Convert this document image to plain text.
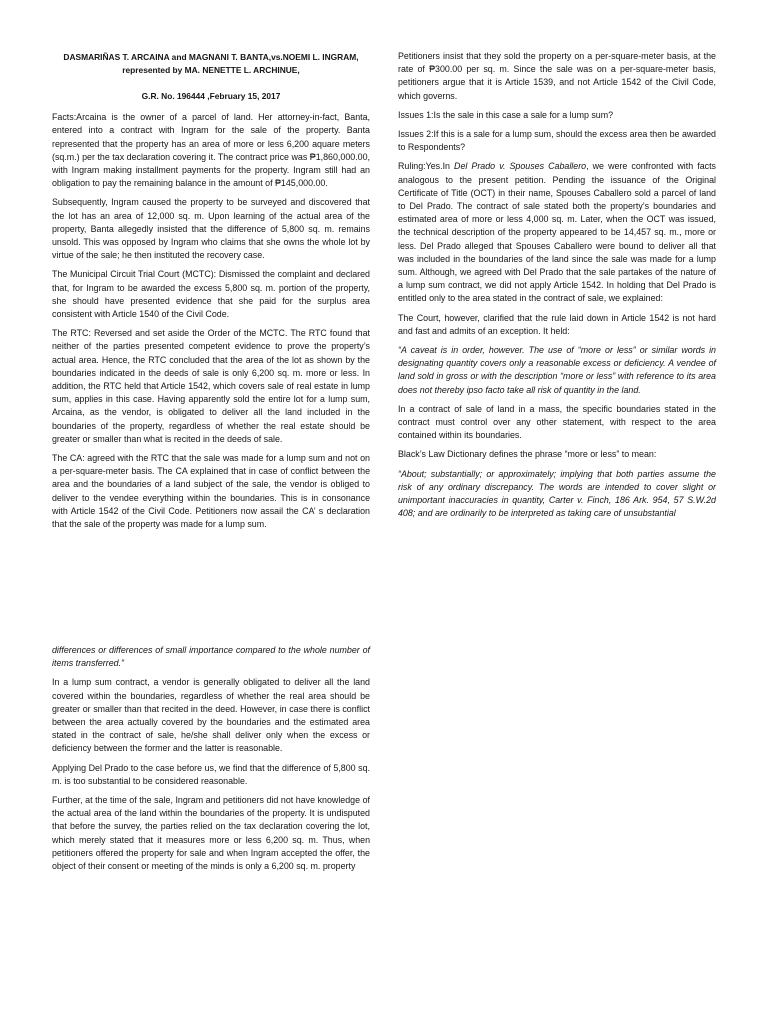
DASMARIÑAS T. ARCAINA and MAGNANI T. BANTA,vs.NOEMI L. INGRAM, represented by MA. NENETTE L. ARCHINUE,

G.R. No. 196444 ,February 15, 2017

Facts:Arcaina is the owner of a parcel of land. Her attorney-in-fact, Banta, entered into a contract with Ingram for the sale of the property. Banta represented that the property has an area of more or less 6,200 aquare meters (sq.m.) per the tax declaration covering it. The contract price was ₱1,860,000.00, with Ingram making installment payments for the property. Ingram still had an obligation to pay the remaining balance in the amount of ₱145,000.00.

Subsequently, Ingram caused the property to be surveyed and discovered that the lot has an area of 12,000 sq. m. Upon learning of the actual area of the property, Banta allegedly insisted that the difference of 5,800 sq. m. remains unsold. This was opposed by Ingram who claims that she owns the whole lot by virtue of the sale; he then instituted the recovery case.

The Municipal Circuit Trial Court (MCTC): Dismissed the complaint and declared that, for Ingram to be awarded the excess 5,800 sq. m. portion of the property, she should have presented evidence that she paid for the surplus area consistent with Article 1540 of the Civil Code.

The RTC: Reversed and set aside the Order of the MCTC. The RTC found that neither of the parties presented competent evidence to prove the property’s actual area. Hence, the RTC concluded that the area of the lot as shown by the boundaries indicated in the deeds of sale is only 6,200 sq. m. more or less. In addition, the RTC held that Article 1542, which covers sale of real estate in lump sum, applies in this case. Having apparently sold the entire lot for a lump sum, Arcaina, as the vendor, is obligated to deliver all the land included in the boundaries of the property, regardless of whether the real estate should be greater or smaller than what is recited in the deeds of sale.

The CA: agreed with the RTC that the sale was made for a lump sum and not on a per-square-meter basis. The CA explained that in case of conflict between the area and the boundaries of a land subject of the sale, the vendor is obliged to deliver to the vendee everything within the boundaries. This is in consonance with Article 1542 of the Civil Code. Petitioners now assail the CA’ s declaration that the sale of the property was made for a lump sum.

Petitioners insist that they sold the property on a per-square-meter basis, at the rate of ₱300.00 per sq. m. Since the sale was on a per-square-meter basis, petitioners argue that it is Article 1539, and not Article 1542 of the Civil Code, which governs.

Issues 1:Is the sale in this case a sale for a lump sum?

Issues 2:If this is a sale for a lump sum, should the excess area then be awarded to Respondents?

Ruling:Yes.In Del Prado v. Spouses Caballero, we were confronted with facts analogous to the present petition. Pending the issuance of the Original Certificate of Title (OCT) in their name, Spouses Caballero sold a parcel of land to Del Prado. The contract of sale stated both the property’s boundaries and estimated area of more or less 4,000 sq. m. Later, when the OCT was issued, the technical description of the property appeared to be 14,457 sq. m., more or less. Del Prado alleged that Spouses Caballero were bound to deliver all that was included in the boundaries of the land since the sale was made for a lump sum. Although, we agreed with Del Prado that the sale partakes of the nature of a lump sum contract, we did not apply Article 1542. In holding that Del Prado is entitled only to the area stated in the contract of sale, we explained:

The Court, however, clarified that the rule laid down in Article 1542 is not hard and fast and admits of an exception. It held:

“A caveat is in order, however. The use of “more or less” or similar words in designating quantity covers only a reasonable excess or deficiency. A vendee of land sold in gross or with the description “more or less” with reference to its area does not thereby ipso facto take all risk of quantity in the land.

In a contract of sale of land in a mass, the specific boundaries stated in the contract must control over any other statement, with respect to the area contained within its boundaries.

Black’s Law Dictionary defines the phrase “more or less” to mean:

“About; substantially; or approximately; implying that both parties assume the risk of any ordinary discrepancy. The words are intended to cover slight or unimportant inaccuracies in quantity, Carter v. Finch, 186 Ark. 954, 57 S.W.2d 408; and are ordinarily to be interpreted as taking care of unsubstantial

differences or differences of small importance compared to the whole number of items transferred.”

In a lump sum contract, a vendor is generally obligated to deliver all the land covered within the boundaries, regardless of whether the real area should be greater or smaller than that recited in the deed. However, in case there is conflict between the area actually covered by the boundaries and the estimated area stated in the contract of sale, he/she shall deliver only when the excess or deficiency between the former and the latter is reasonable.

Applying Del Prado to the case before us, we find that the difference of 5,800 sq. m. is too substantial to be considered reasonable.

Further, at the time of the sale, Ingram and petitioners did not have knowledge of the actual area of the land within the boundaries of the property. It is undisputed that before the survey, the parties relied on the tax declaration covering the lot, which merely stated that it measures more or less 6,200 sq. m. Thus, when petitioners offered the property for sale and when Ingram accepted the offer, the object of their consent or meeting of the minds is only a 6,200 sq. m. property
